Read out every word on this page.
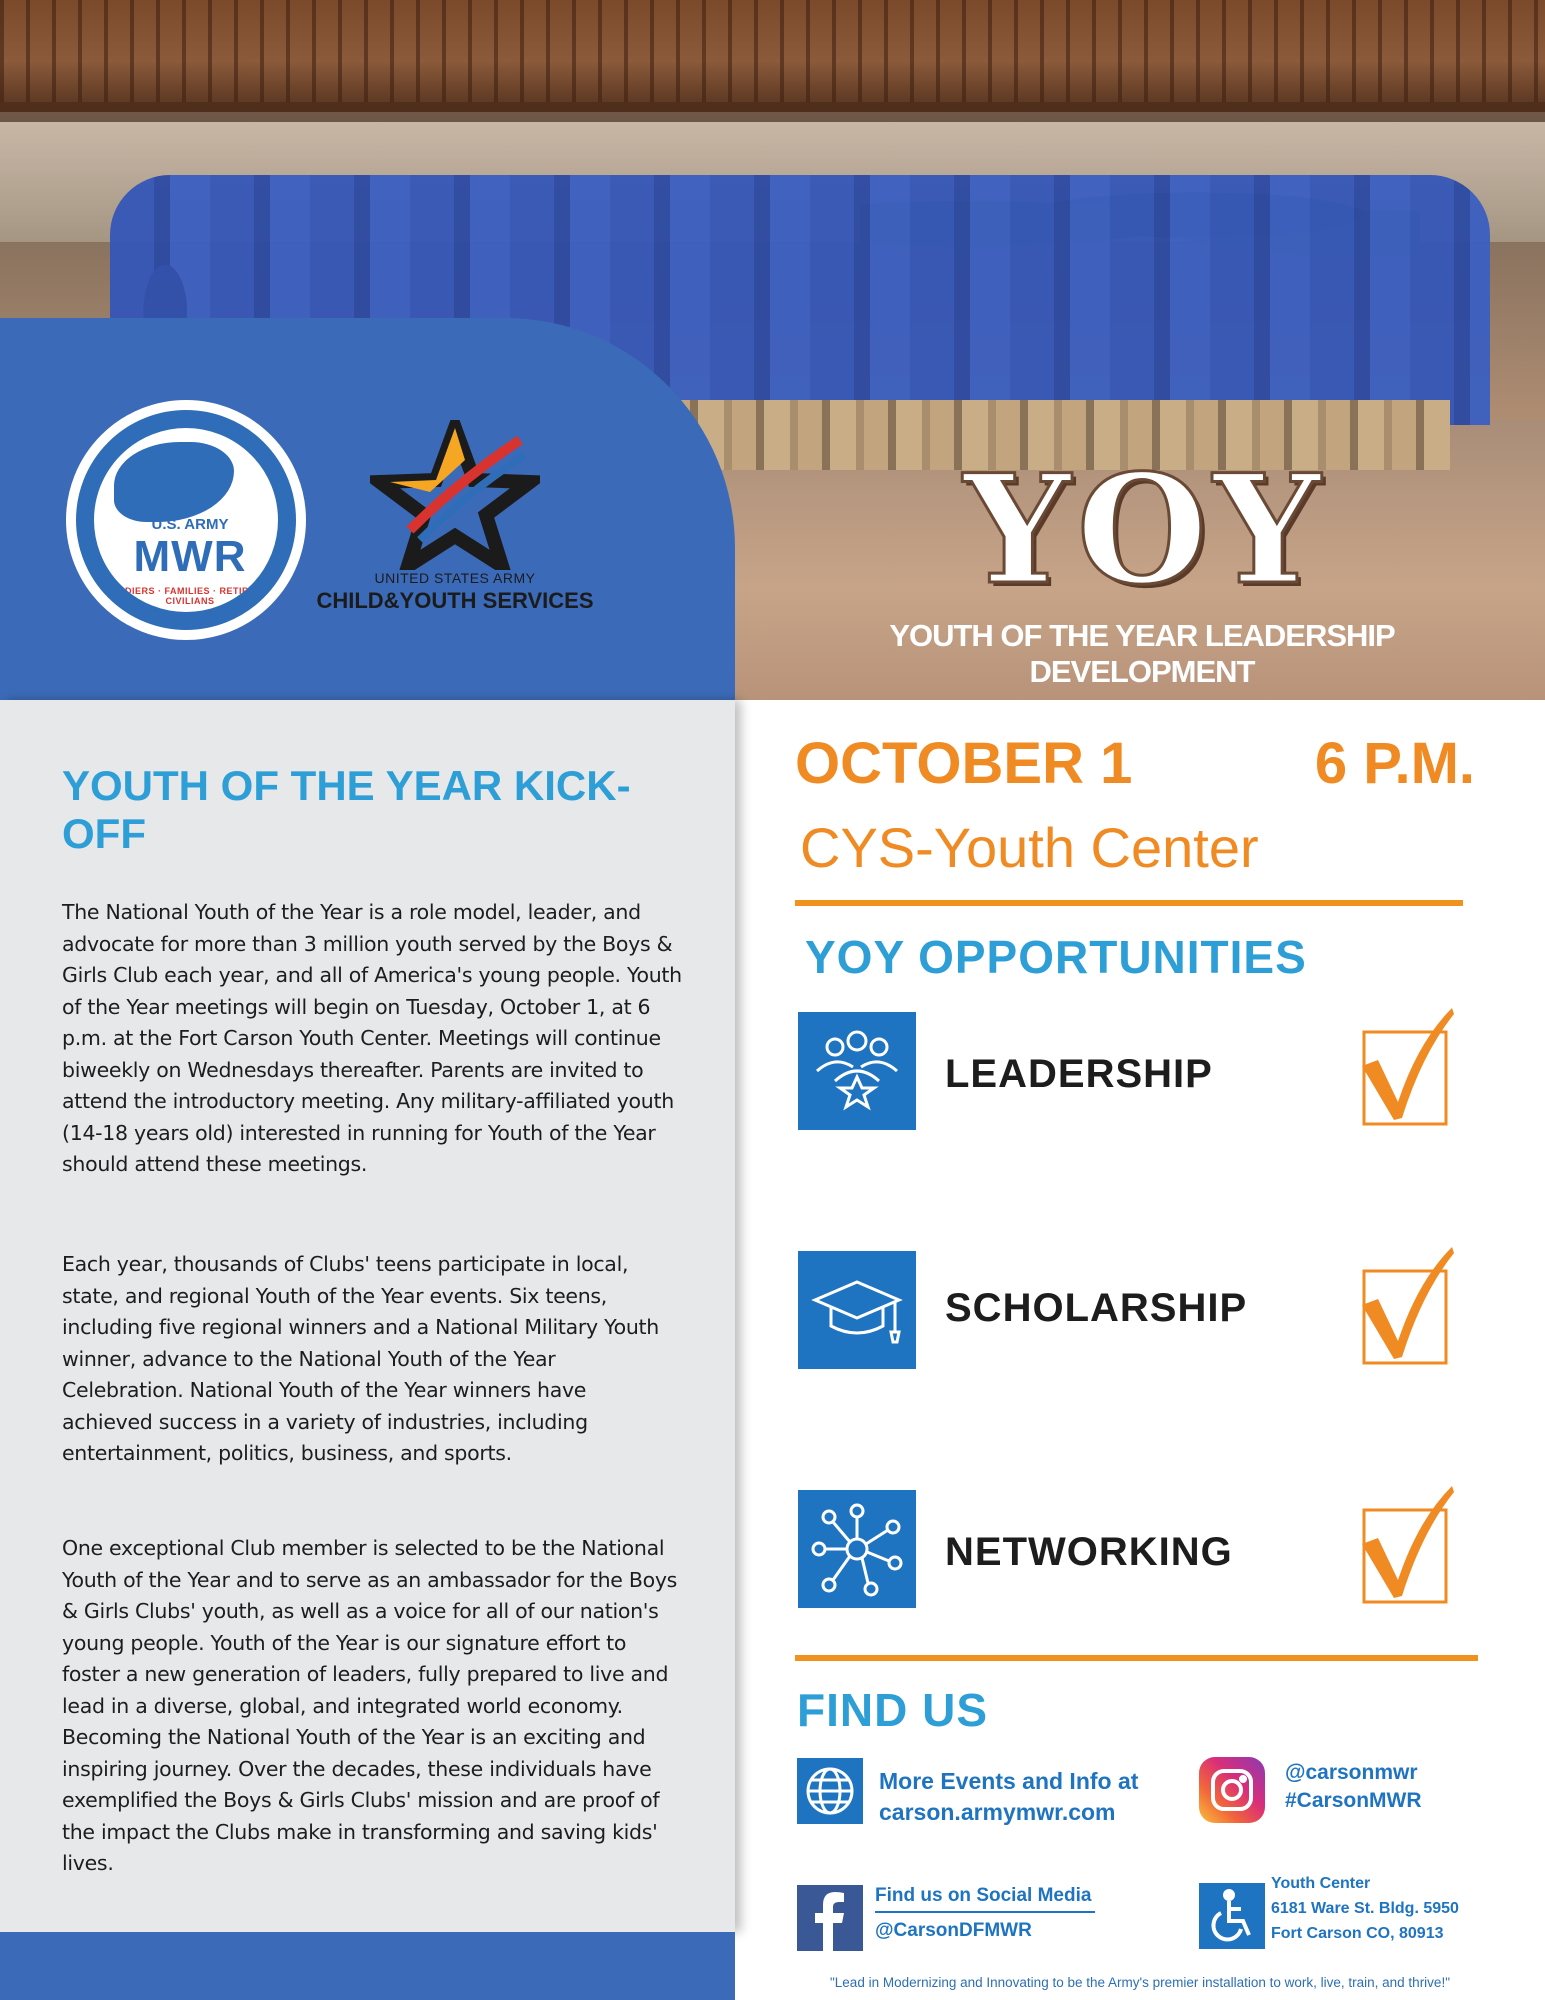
U.S. ARMY
MWR
SOLDIERS · FAMILIES · RETIREES · CIVILIANS
UNITED STATES ARMY
CHILD&YOUTH SERVICES YOY
YOUTH OF THE YEAR LEADERSHIP DEVELOPMENT
YOUTH OF THE YEAR KICK-OFF

The National Youth of the Year is a role model, leader, and advocate for more than 3 million youth served by the Boys & Girls Club each year, and all of America's young people. Youth of the Year meetings will begin on Tuesday, October 1, at 6 p.m. at the Fort Carson Youth Center. Meetings will continue biweekly on Wednesdays thereafter. Parents are invited to attend the introductory meeting. Any military-affiliated youth (14-18 years old) interested in running for Youth of the Year should attend these meetings.

Each year, thousands of Clubs' teens participate in local, state, and regional Youth of the Year events. Six teens, including five regional winners and a National Military Youth winner, advance to the National Youth of the Year Celebration. National Youth of the Year winners have achieved success in a variety of industries, including entertainment, politics, business, and sports.

One exceptional Club member is selected to be the National Youth of the Year and to serve as an ambassador for the Boys & Girls Clubs' youth, as well as a voice for all of our nation's young people. Youth of the Year is our signature effort to foster a new generation of leaders, fully prepared to live and lead in a diverse, global, and integrated world economy. Becoming the National Youth of the Year is an exciting and inspiring journey. Over the decades, these individuals have exemplified the Boys & Girls Clubs' mission and are proof of the impact the Clubs make in transforming and saving kids' lives.

OCTOBER 1	6 P.M.
CYS-Youth Center
YOY OPPORTUNITIES
LEADERSHIP
SCHOLARSHIP
NETWORKING
FIND US
More Events and Info at
carson.armymwr.com
@carsonmwr
#CarsonMWR
Find us on Social Media
@CarsonDFMWR
Youth Center
6181 Ware St. Bldg. 5950
Fort Carson CO, 80913
"Lead in Modernizing and Innovating to be the Army's premier installation to work, live, train, and thrive!"
